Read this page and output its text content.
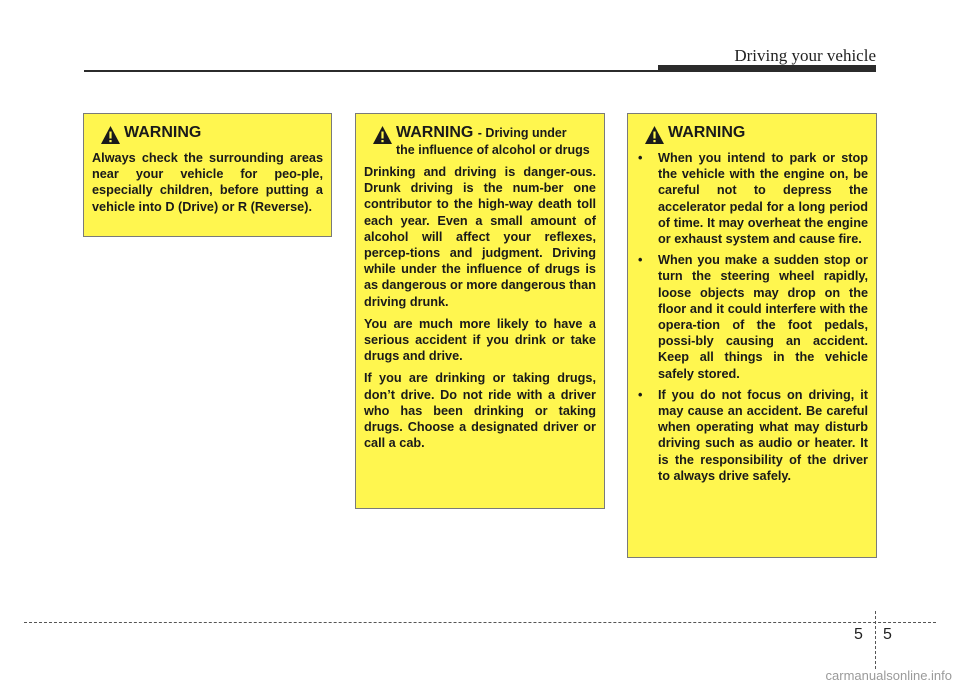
Driving your vehicle
WARNING

Always check the surrounding areas near your vehicle for peo-ple, especially children, before putting a vehicle into D (Drive) or R (Reverse).

WARNING - Driving under
the influence of alcohol or drugs

Drinking and driving is danger-ous. Drunk driving is the num-ber one contributor to the high-way death toll each year. Even a small amount of alcohol will affect your reflexes, percep-tions and judgment. Driving while under the influence of drugs is as dangerous or more dangerous than driving drunk.

You are much more likely to have a serious accident if you drink or take drugs and drive.

If you are drinking or taking drugs, don’t drive. Do not ride with a driver who has been drinking or taking drugs. Choose a designated driver or call a cab.

WARNING
• When you intend to park or stop the vehicle with the engine on, be careful not to depress the accelerator pedal for a long period of time. It may overheat the engine or exhaust system and cause fire.
• When you make a sudden stop or turn the steering wheel rapidly, loose objects may drop on the floor and it could interfere with the opera-tion of the foot pedals, possi-bly causing an accident. Keep all things in the vehicle safely stored.
• If you do not focus on driving, it may cause an accident. Be careful when operating what may disturb driving such as audio or heater. It is the responsibility of the driver to always drive safely.
5 5
carmanualsonline.info
